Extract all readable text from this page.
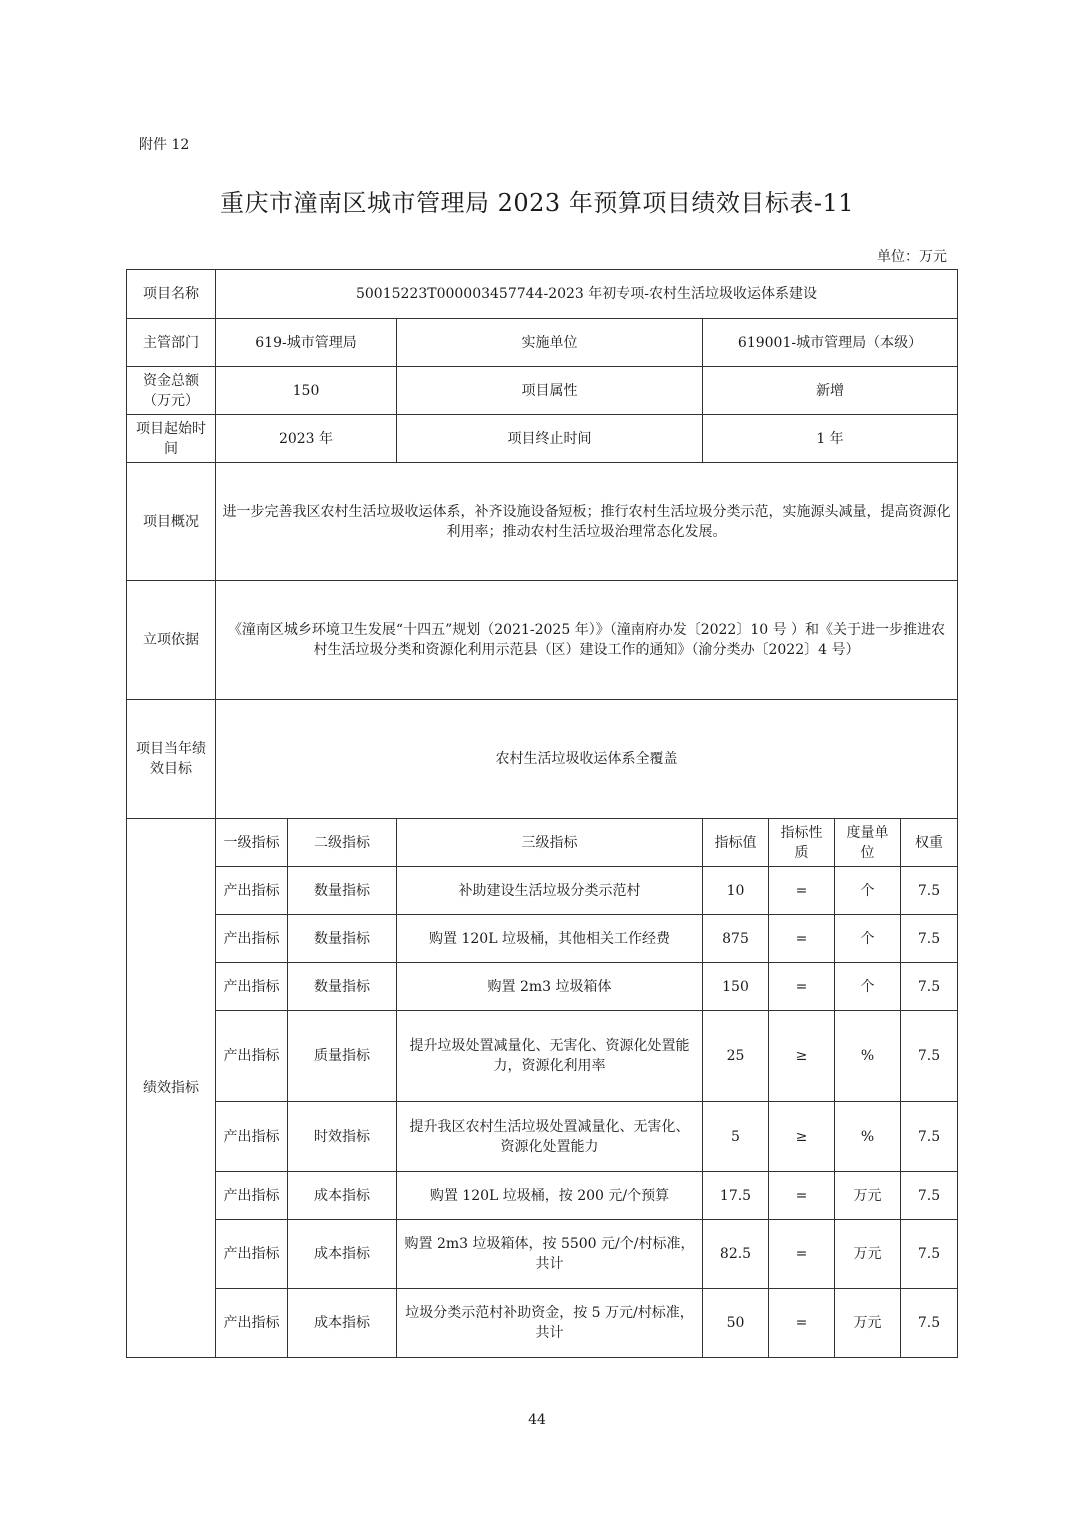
附件 12
重庆市潼南区城市管理局 2023 年预算项目绩效目标表-11
单位：万元
项目名称	50015223T000003457744-2023 年初专项-农村生活垃圾收运体系建设						
主管部门	619-城市管理局		实施单位	619001-城市管理局（本级）			
资金总额（万元）	150		项目属性	新增			
项目起始时间	2023 年		项目终止时间	1 年			
项目概况	进一步完善我区农村生活垃圾收运体系，补齐设施设备短板；推行农村生活垃圾分类示范，实施源头减量，提高资源化利用率；推动农村生活垃圾治理常态化发展。						
立项依据	《潼南区城乡环境卫生发展“十四五”规划（2021-2025 年）》（潼南府办发〔2022〕10 号 ）和《关于进一步推进农村生活垃圾分类和资源化利用示范县（区）建设工作的通知》（渝分类办〔2022〕4 号）						
项目当年绩效目标	农村生活垃圾收运体系全覆盖						
绩效指标	一级指标	二级指标	三级指标	指标值	指标性质	度量单位	权重
	产出指标	数量指标	补助建设生活垃圾分类示范村	10	=	个	7.5
	产出指标	数量指标	购置 120L 垃圾桶，其他相关工作经费	875	=	个	7.5
	产出指标	数量指标	购置 2m3 垃圾箱体	150	=	个	7.5
	产出指标	质量指标	提升垃圾处置减量化、无害化、资源化处置能力，资源化利用率	25	≥	%	7.5
	产出指标	时效指标	提升我区农村生活垃圾处置减量化、无害化、资源化处置能力	5	≥	%	7.5
	产出指标	成本指标	购置 120L 垃圾桶，按 200 元/个预算	17.5	=	万元	7.5
	产出指标	成本指标	购置 2m3 垃圾箱体，按 5500 元/个/村标准，共计	82.5	=	万元	7.5
	产出指标	成本指标	垃圾分类示范村补助资金，按 5 万元/村标准，共计	50	=	万元	7.5
44
